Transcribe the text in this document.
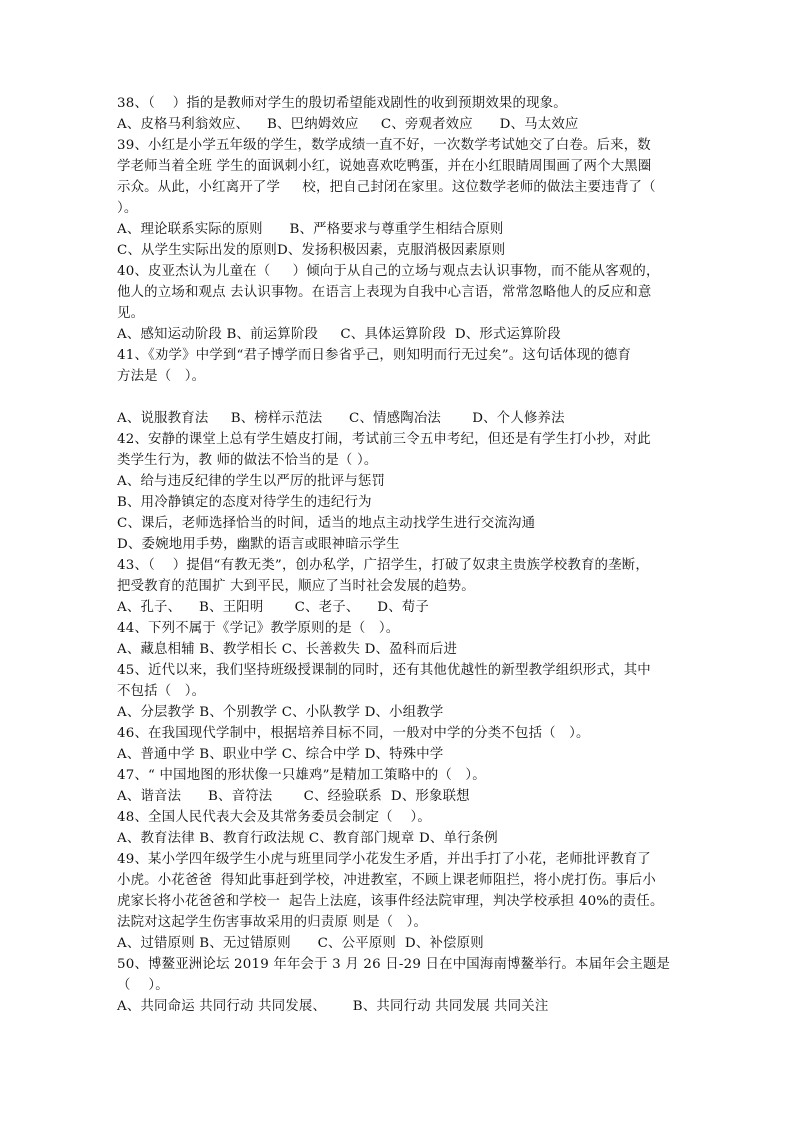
38、（    ）指的是教师对学生的殷切希望能戏剧性的收到预期效果的现象。
A、皮格马利翁效应、    B、巴纳姆效应     C、旁观者效应      D、马太效应
39、小红是小学五年级的学生，数学成绩一直不好，一次数学考试她交了白卷。后来，数
学老师当着全班 学生的面讽刺小红，说她喜欢吃鸭蛋，并在小红眼睛周围画了两个大黑圈
示众。从此，小红离开了学     校，把自己封闭在家里。这位数学老师的做法主要违背了（
）。
A、理论联系实际的原则      B、严格要求与尊重学生相结合原则
C、从学生实际出发的原则D、发扬积极因素，克服消极因素原则
40、皮亚杰认为儿童在（     ）倾向于从自己的立场与观点去认识事物，而不能从客观的，
他人的立场和观点 去认识事物。在语言上表现为自我中心言语，常常忽略他人的反应和意
见。
A、感知运动阶段 B、前运算阶段     C、具体运算阶段  D、形式运算阶段
41、《劝学》中学到“君子博学而日参省乎己，则知明而行无过矣”。这句话体现的德育
方法是（   ）。
A、说服教育法     B、榜样示范法      C、情感陶冶法       D、个人修养法
42、安静的课堂上总有学生嬉皮打闹，考试前三令五申考纪，但还是有学生打小抄，对此
类学生行为，教 师的做法不恰当的是（ ）。
A、给与违反纪律的学生以严厉的批评与惩罚
B、用冷静镇定的态度对待学生的违纪行为
C、课后，老师选择恰当的时间，适当的地点主动找学生进行交流沟通
D、委婉地用手势，幽默的语言或眼神暗示学生
43、（    ）提倡“有教无类”，创办私学，广招学生，打破了奴隶主贵族学校教育的垄断，
把受教育的范围扩 大到平民，顺应了当时社会发展的趋势。
A、孔子、    B、王阳明       C、老子、    D、荀子
44、下列不属于《学记》教学原则的是（   ）。
A、藏息相辅 B、教学相长 C、长善救失 D、盈科而后进
45、近代以来，我们坚持班级授课制的同时，还有其他优越性的新型教学组织形式，其中
不包括（   ）。
A、分层教学 B、个别教学 C、小队教学 D、小组教学
46、在我国现代学制中，根据培养目标不同，一般对中学的分类不包括（   ）。
A、普通中学 B、职业中学 C、综合中学 D、特殊中学
47、“ 中国地图的形状像一只雄鸡”是精加工策略中的（   ）。
A、谐音法      B、音符法       C、经验联系  D、形象联想
48、全国人民代表大会及其常务委员会制定（    ）。
A、教育法律 B、教育行政法规 C、教育部门规章 D、单行条例
49、某小学四年级学生小虎与班里同学小花发生矛盾，并出手打了小花，老师批评教育了
小虎。小花爸爸  得知此事赶到学校，冲进教室，不顾上课老师阻拦，将小虎打伤。事后小
虎家长将小花爸爸和学校一  起告上法庭，该事件经法院审理，判决学校承担 40%的责任。
法院对这起学生伤害事故采用的归责原 则是（   ）。
A、过错原则 B、无过错原则      C、公平原则  D、补偿原则
50、博鳌亚洲论坛 2019 年年会于 3 月 26 日-29 日在中国海南博鳌举行。本届年会主题是
（    ）。
A、共同命运 共同行动 共同发展、      B、共同行动 共同发展 共同关注
